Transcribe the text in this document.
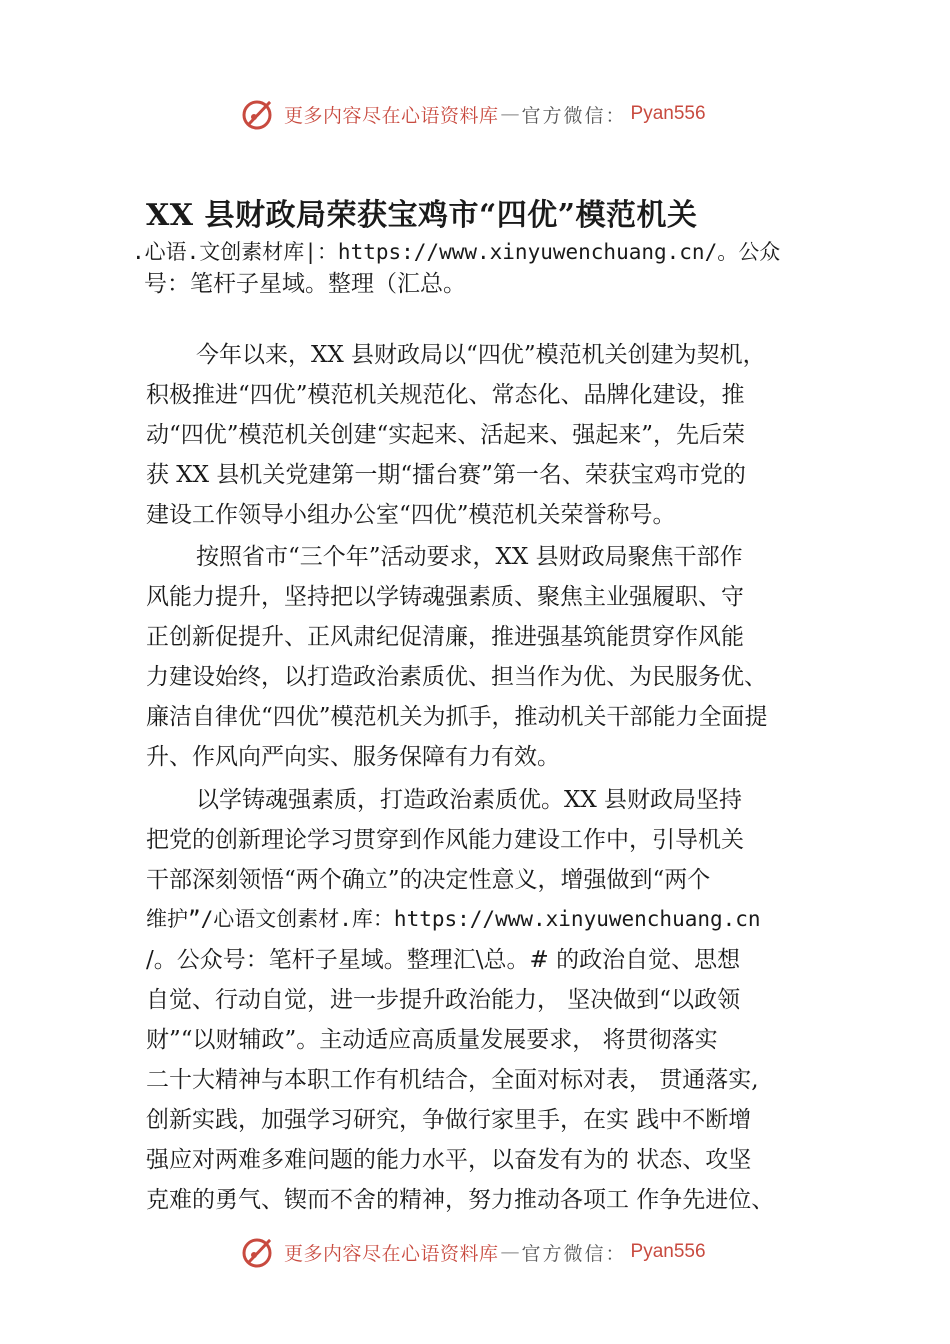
更多内容尽在心语资料库 — 官方微信： Pyan556
XX 县财政局荣获宝鸡市“四优”模范机关
.心语.文创素材库|：https://www.xinyuwenchuang.cn/。公众
号：笔杆子星域。整理（汇总。
今年以来，XX 县财政局以“四优”模范机关创建为契机，
积极推进“四优”模范机关规范化、常态化、品牌化建设，推
动“四优”模范机关创建“实起来、活起来、强起来”，先后荣
获 XX 县机关党建第一期“擂台赛”第一名、荣获宝鸡市党的
建设工作领导小组办公室“四优”模范机关荣誉称号。
按照省市“三个年”活动要求，XX 县财政局聚焦干部作
风能力提升，坚持把以学铸魂强素质、聚焦主业强履职、守
正创新促提升、正风肃纪促清廉，推进强基筑能贯穿作风能
力建设始终，以打造政治素质优、担当作为优、为民服务优、
廉洁自律优“四优”模范机关为抓手，推动机关干部能力全面提
升、作风向严向实、服务保障有力有效。
以学铸魂强素质，打造政治素质优。XX 县财政局坚持
把党的创新理论学习贯穿到作风能力建设工作中，引导机关
干部深刻领悟“两个确立”的决定性意义，增强做到“两个
维护”/心语文创素材.库：https://www.xinyuwenchuang.cn
/。公众号：笔杆子星域。整理汇\总。# 的政治自觉、思想
自觉、行动自觉，进一步提升政治能力， 坚决做到“以政领
财”“以财辅政”。主动适应高质量发展要求， 将贯彻落实
二十大精神与本职工作有机结合，全面对标对表， 贯通落实,
创新实践，加强学习研究，争做行家里手，在实 践中不断增
强应对两难多难问题的能力水平，以奋发有为的 状态、攻坚
克难的勇气、锲而不舍的精神，努力推动各项工 作争先进位、
更多内容尽在心语资料库 — 官方微信： Pyan556
